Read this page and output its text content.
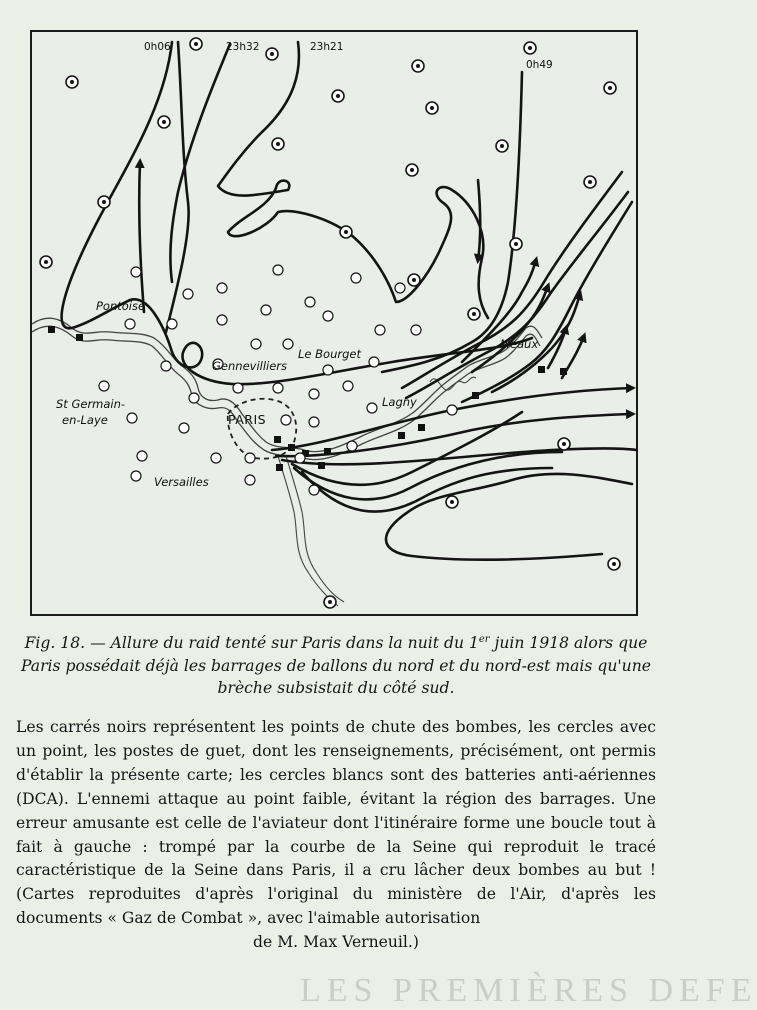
0h06	23h32	23h21
0h49
Pontoise
Gennevilliers
Le Bourget
Meaux
St Germain-
en-Laye	PARIS
Lagny
Versailles
Fig. 18. — Allure du raid tenté sur Paris dans la nuit du 1er juin 1918 alors que Paris possédait déjà les barrages de ballons du nord et du nord-est mais qu'une brèche subsistait du côté sud.
Les carrés noirs représentent les points de chute des bombes, les cercles avec un point, les postes de guet, dont les renseignements, précisément, ont permis d'établir la présente carte; les cercles blancs sont des batteries anti-aériennes (DCA). L'ennemi attaque au point faible, évitant la région des barrages. Une erreur amusante est celle de l'aviateur dont l'itinéraire forme une boucle tout à fait à gauche : trompé par la courbe de la Seine qui reproduit le tracé caractéristique de la Seine dans Paris, il a cru lâcher deux bombes au but ! (Cartes reproduites d'après l'original du ministère de l'Air, d'après les documents « Gaz de Combat », avec l'aimable autorisation
de M. Max Verneuil.)
LES PREMIÈRES DEFE
